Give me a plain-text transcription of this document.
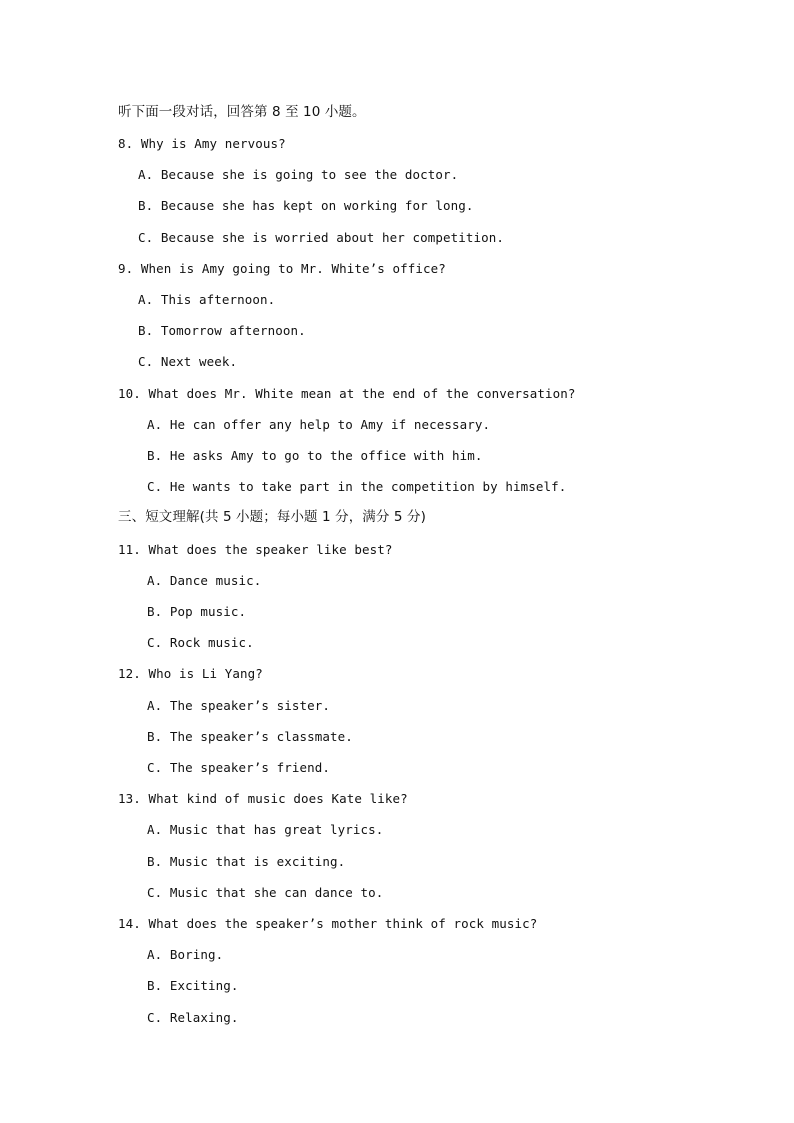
听下面一段对话，回答第 8 至 10 小题。
8. Why is Amy nervous?
A. Because she is going to see the doctor.
B. Because she has kept on working for long.
C. Because she is worried about her competition.
9. When is Amy going to Mr. White’s office?
A. This afternoon.
B. Tomorrow afternoon.
C. Next week.
10. What does Mr. White mean at the end of the conversation?
A. He can offer any help to Amy if necessary.
B. He asks Amy to go to the office with him.
C. He wants to take part in the competition by himself.
三、短文理解(共 5 小题；每小题 1 分，满分 5 分)
11. What does the speaker like best?
A. Dance music.
B. Pop music.
C. Rock music.
12. Who is Li Yang?
A. The speaker’s sister.
B. The speaker’s classmate.
C. The speaker’s friend.
13. What kind of music does Kate like?
A. Music that has great lyrics.
B. Music that is exciting.
C. Music that she can dance to.
14. What does the speaker’s mother think of rock music?
A. Boring.
B. Exciting.
C. Relaxing.
